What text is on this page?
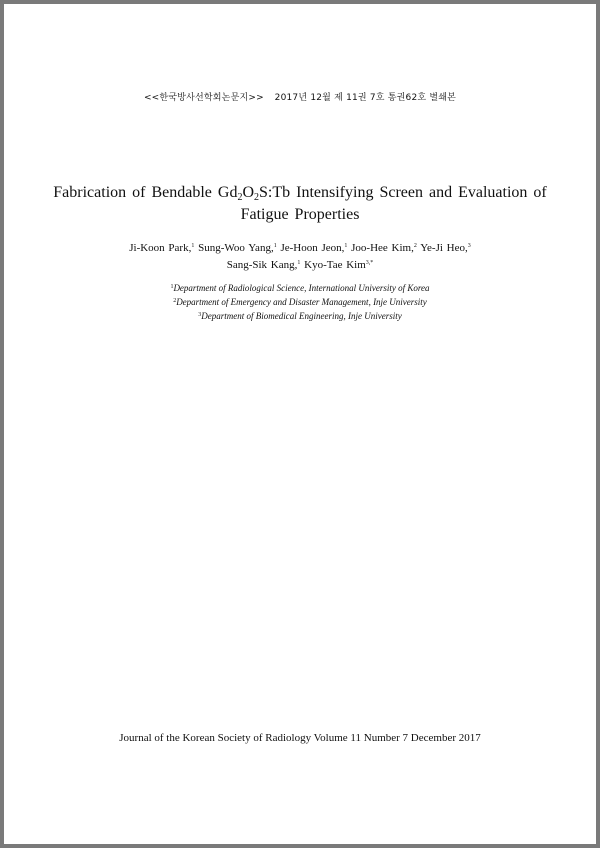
<<한국방사선학회논문지>> 2017년 12월 제 11권 7호 통권62호 별쇄본
Fabrication of Bendable $Gd_2O_2S:Tb$ Intensifying Screen and Evaluation of Fatigue Properties
Ji-Koon Park,$^1$ Sung-Woo Yang,$^1$ Je-Hoon Jeon,$^1$ Joo-Hee Kim,$^2$ Ye-Ji Heo,$^3$
Sang-Sik Kang,$^1$ Kyo-Tae Kim$^{3,*}$
$^1$Department of Radiological Science, International University of Korea
$^2$Department of Emergency and Disaster Management, Inje University
$^3$Department of Biomedical Engineering, Inje University
Journal of the Korean Society of Radiology Volume 11 Number 7 December 2017
